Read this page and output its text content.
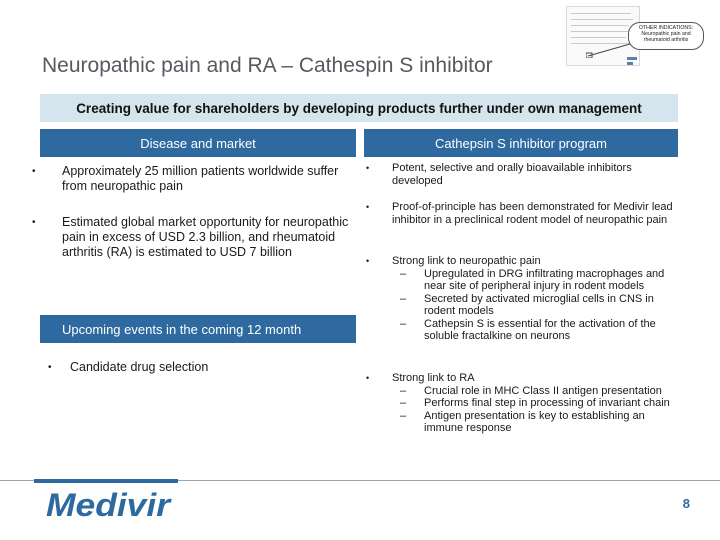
Neuropathic pain and RA – Cathespin S inhibitor
OTHER INDICATIONS: Neuropathic pain and rheumatoid arthritis
Creating value for shareholders by developing products further under own management
Disease and market	Cathepsin S inhibitor program
• Approximately 25 million patients worldwide suffer from neuropathic pain
• Estimated global market opportunity for neuropathic pain in excess of USD 2.3 billion, and rheumatoid arthritis (RA) is estimated to USD 7 billion
Upcoming events in the coming 12 month
• Candidate drug selection
• Potent, selective and orally bioavailable inhibitors developed
• Proof-of-principle has been demonstrated for Medivir lead inhibitor in a preclinical rodent model of neuropathic pain
• Strong link to neuropathic pain
– Upregulated in DRG infiltrating macrophages and near site of peripheral injury in rodent models
– Secreted by activated microglial cells in CNS in rodent models
– Cathepsin S is essential for the activation of the soluble fractalkine on neurons
• Strong link to RA
– Crucial role in MHC Class II antigen presentation
– Performs final step in processing of invariant chain
– Antigen presentation is key to establishing an immune response
Medivir	8
